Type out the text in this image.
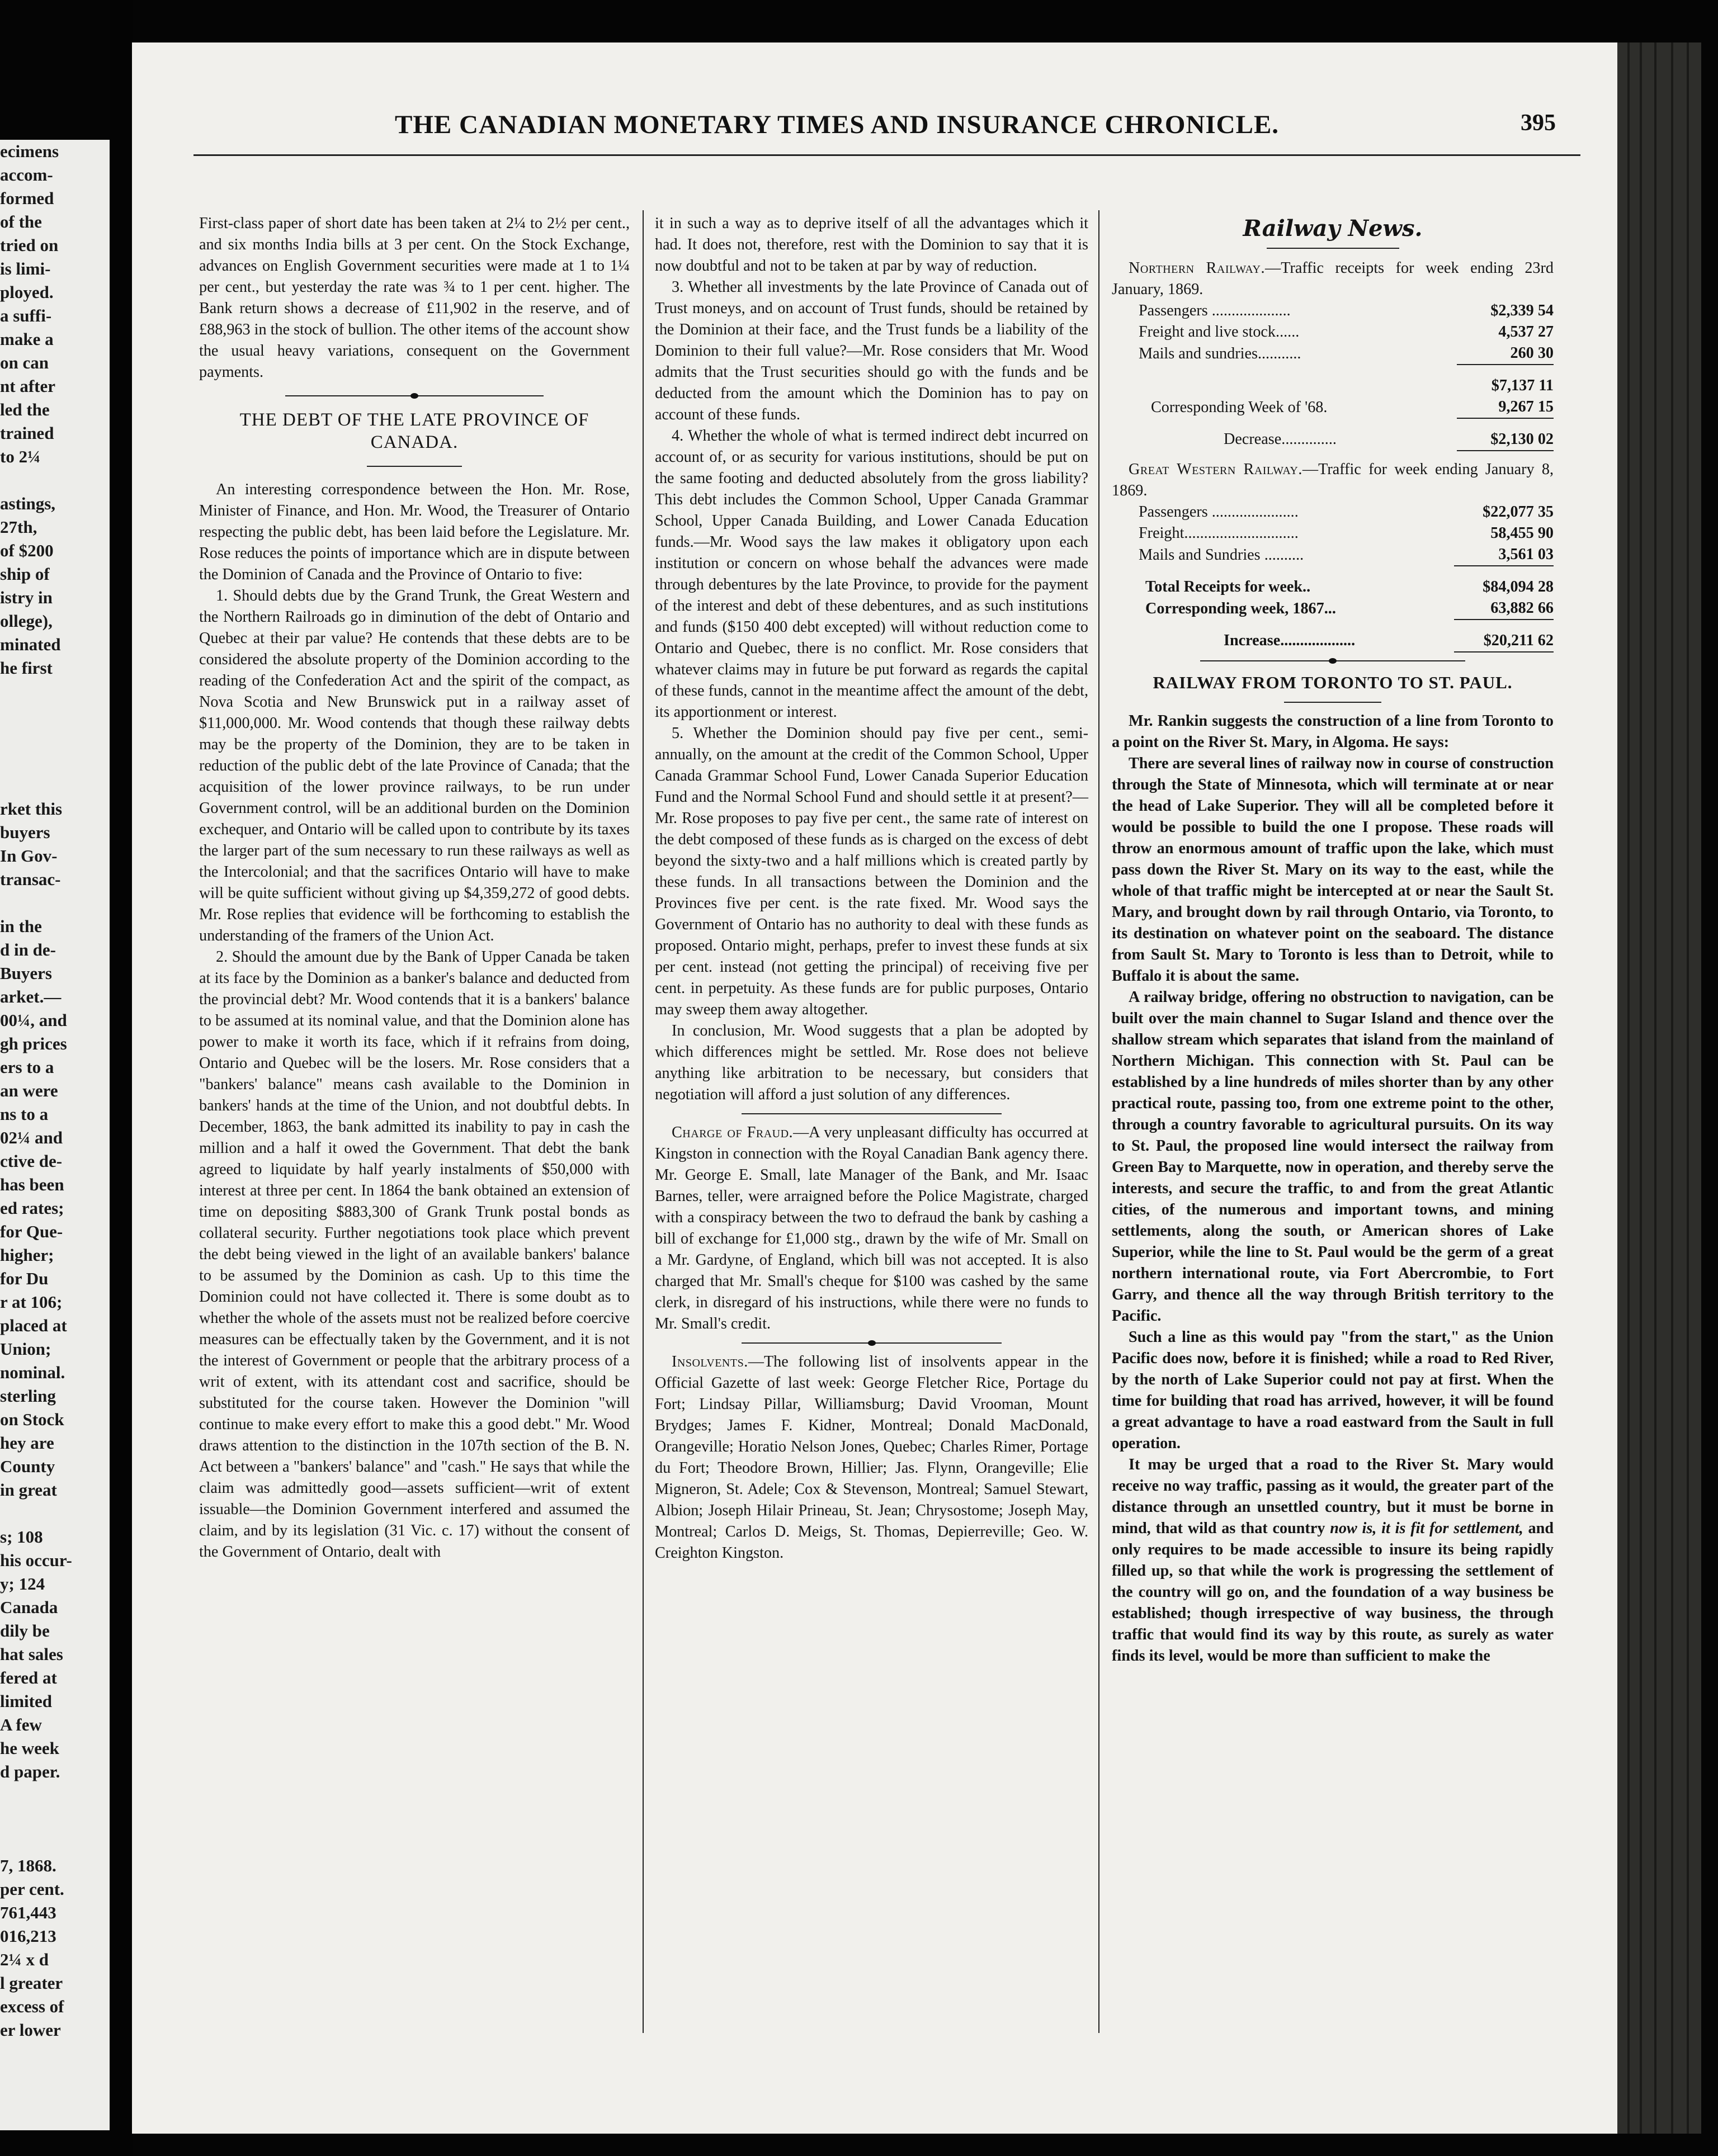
ecimens

accom-

formed

of the

tried on

is limi-

ployed.

a suffi-

make a

on can

nt after

led the

trained

to 2¼

astings,

27th,

of $200

ship of

istry in

ollege),

minated

he first

rket this

buyers

In Gov-

transac-

in the

d in de-

Buyers

arket.—

00¼, and

gh prices

ers to a

an were

ns to a

02¼ and

ctive de-

has been

ed rates;

for Que-

higher;

for Du

r at 106;

placed at

Union;

nominal.

sterling

on Stock

hey are

County

in great

s; 108

his occur-

y; 124

Canada

dily be

hat sales

fered at

limited

A few

he week

d paper.

7, 1868.

per cent.

761,443

016,213

2¼ x d

l greater

excess of

er lower

THE CANADIAN MONETARY TIMES AND INSURANCE CHRONICLE.	395

First-class paper of short date has been taken at 2¼ to 2½ per cent., and six months India bills at 3 per cent. On the Stock Exchange, advances on English Government securities were made at 1 to 1¼ per cent., but yesterday the rate was ¾ to 1 per cent. higher. The Bank return shows a decrease of £11,902 in the reserve, and of £88,963 in the stock of bullion. The other items of the account show the usual heavy variations, consequent on the Government payments.

THE DEBT OF THE LATE PROVINCE OF CANADA.

An interesting correspondence between the Hon. Mr. Rose, Minister of Finance, and Hon. Mr. Wood, the Treasurer of Ontario respecting the public debt, has been laid before the Legislature. Mr. Rose reduces the points of importance which are in dispute between the Dominion of Canada and the Province of Ontario to five:

1. Should debts due by the Grand Trunk, the Great Western and the Northern Railroads go in diminution of the debt of Ontario and Quebec at their par value? He contends that these debts are to be considered the absolute property of the Dominion according to the reading of the Confederation Act and the spirit of the compact, as Nova Scotia and New Brunswick put in a railway asset of $11,000,000. Mr. Wood contends that though these railway debts may be the property of the Dominion, they are to be taken in reduction of the public debt of the late Province of Canada; that the acquisition of the lower province railways, to be run under Government control, will be an additional burden on the Dominion exchequer, and Ontario will be called upon to contribute by its taxes the larger part of the sum necessary to run these railways as well as the Intercolonial; and that the sacrifices Ontario will have to make will be quite sufficient without giving up $4,359,272 of good debts. Mr. Rose replies that evidence will be forthcoming to establish the understanding of the framers of the Union Act.

2. Should the amount due by the Bank of Upper Canada be taken at its face by the Dominion as a banker's balance and deducted from the provincial debt? Mr. Wood contends that it is a bankers' balance to be assumed at its nominal value, and that the Dominion alone has power to make it worth its face, which if it refrains from doing, Ontario and Quebec will be the losers. Mr. Rose considers that a "bankers' balance" means cash available to the Dominion in bankers' hands at the time of the Union, and not doubtful debts. In December, 1863, the bank admitted its inability to pay in cash the million and a half it owed the Government. That debt the bank agreed to liquidate by half yearly instalments of $50,000 with interest at three per cent. In 1864 the bank obtained an extension of time on depositing $883,300 of Grank Trunk postal bonds as collateral security. Further negotiations took place which prevent the debt being viewed in the light of an available bankers' balance to be assumed by the Dominion as cash. Up to this time the Dominion could not have collected it. There is some doubt as to whether the whole of the assets must not be realized before coercive measures can be effectually taken by the Government, and it is not the interest of Government or people that the arbitrary process of a writ of extent, with its attendant cost and sacrifice, should be substituted for the course taken. However the Dominion "will continue to make every effort to make this a good debt." Mr. Wood draws attention to the distinction in the 107th section of the B. N. Act between a "bankers' balance" and "cash." He says that while the claim was admittedly good—assets sufficient—writ of extent issuable—the Dominion Government interfered and assumed the claim, and by its legislation (31 Vic. c. 17) without the consent of the Government of Ontario, dealt with

it in such a way as to deprive itself of all the advantages which it had. It does not, therefore, rest with the Dominion to say that it is now doubtful and not to be taken at par by way of reduction.

3. Whether all investments by the late Province of Canada out of Trust moneys, and on account of Trust funds, should be retained by the Dominion at their face, and the Trust funds be a liability of the Dominion to their full value?—Mr. Rose considers that Mr. Wood admits that the Trust securities should go with the funds and be deducted from the amount which the Dominion has to pay on account of these funds.

4. Whether the whole of what is termed indirect debt incurred on account of, or as security for various institutions, should be put on the same footing and deducted absolutely from the gross liability? This debt includes the Common School, Upper Canada Grammar School, Upper Canada Building, and Lower Canada Education funds.—Mr. Wood says the law makes it obligatory upon each institution or concern on whose behalf the advances were made through debentures by the late Province, to provide for the payment of the interest and debt of these debentures, and as such institutions and funds ($150 400 debt excepted) will without reduction come to Ontario and Quebec, there is no conflict. Mr. Rose considers that whatever claims may in future be put forward as regards the capital of these funds, cannot in the meantime affect the amount of the debt, its apportionment or interest.

5. Whether the Dominion should pay five per cent., semi-annually, on the amount at the credit of the Common School, Upper Canada Grammar School Fund, Lower Canada Superior Education Fund and the Normal School Fund and should settle it at present?—Mr. Rose proposes to pay five per cent., the same rate of interest on the debt composed of these funds as is charged on the excess of debt beyond the sixty-two and a half millions which is created partly by these funds. In all transactions between the Dominion and the Provinces five per cent. is the rate fixed. Mr. Wood says the Government of Ontario has no authority to deal with these funds as proposed. Ontario might, perhaps, prefer to invest these funds at six per cent. instead (not getting the principal) of receiving five per cent. in perpetuity. As these funds are for public purposes, Ontario may sweep them away altogether.

In conclusion, Mr. Wood suggests that a plan be adopted by which differences might be settled. Mr. Rose does not believe anything like arbitration to be necessary, but considers that negotiation will afford a just solution of any differences.

Charge of Fraud.—A very unpleasant difficulty has occurred at Kingston in connection with the Royal Canadian Bank agency there. Mr. George E. Small, late Manager of the Bank, and Mr. Isaac Barnes, teller, were arraigned before the Police Magistrate, charged with a conspiracy between the two to defraud the bank by cashing a bill of exchange for £1,000 stg., drawn by the wife of Mr. Small on a Mr. Gardyne, of England, which bill was not accepted. It is also charged that Mr. Small's cheque for $100 was cashed by the same clerk, in disregard of his instructions, while there were no funds to Mr. Small's credit.

Insolvents.—The following list of insolvents appear in the Official Gazette of last week: George Fletcher Rice, Portage du Fort; Lindsay Pillar, Williamsburg; David Vrooman, Mount Brydges; James F. Kidner, Montreal; Donald MacDonald, Orangeville; Horatio Nelson Jones, Quebec; Charles Rimer, Portage du Fort; Theodore Brown, Hillier; Jas. Flynn, Orangeville; Elie Migneron, St. Adele; Cox & Stevenson, Montreal; Samuel Stewart, Albion; Joseph Hilair Prineau, St. Jean; Chrysostome; Joseph May, Montreal; Carlos D. Meigs, St. Thomas, Depierreville; Geo. W. Creighton Kingston.

Railway News.

Northern Railway.—Traffic receipts for week ending 23rd January, 1869.

Passengers ....................	$2,339 54
Freight and live stock......	4,537 27
Mails and sundries...........	260 30
	$7,137 11
Corresponding Week of '68.	9,267 15
Decrease..............	$2,130 02

Great Western Railway.—Traffic for week ending January 8, 1869.

Passengers ......................	$22,077 35
Freight.............................	58,455 90
Mails and Sundries ..........	3,561 03
Total Receipts for week..	$84,094 28
Corresponding week, 1867...	63,882 66
Increase...................	$20,211 62
RAILWAY FROM TORONTO TO ST. PAUL.

Mr. Rankin suggests the construction of a line from Toronto to a point on the River St. Mary, in Algoma. He says:

There are several lines of railway now in course of construction through the State of Minnesota, which will terminate at or near the head of Lake Superior. They will all be completed before it would be possible to build the one I propose. These roads will throw an enormous amount of traffic upon the lake, which must pass down the River St. Mary on its way to the east, while the whole of that traffic might be intercepted at or near the Sault St. Mary, and brought down by rail through Ontario, via Toronto, to its destination on whatever point on the seaboard. The distance from Sault St. Mary to Toronto is less than to Detroit, while to Buffalo it is about the same.

A railway bridge, offering no obstruction to navigation, can be built over the main channel to Sugar Island and thence over the shallow stream which separates that island from the mainland of Northern Michigan. This connection with St. Paul can be established by a line hundreds of miles shorter than by any other practical route, passing too, from one extreme point to the other, through a country favorable to agricultural pursuits. On its way to St. Paul, the proposed line would intersect the railway from Green Bay to Marquette, now in operation, and thereby serve the interests, and secure the traffic, to and from the great Atlantic cities, of the numerous and important towns, and mining settlements, along the south, or American shores of Lake Superior, while the line to St. Paul would be the germ of a great northern international route, via Fort Abercrombie, to Fort Garry, and thence all the way through British territory to the Pacific.

Such a line as this would pay "from the start," as the Union Pacific does now, before it is finished; while a road to Red River, by the north of Lake Superior could not pay at first. When the time for building that road has arrived, however, it will be found a great advantage to have a road eastward from the Sault in full operation.

It may be urged that a road to the River St. Mary would receive no way traffic, passing as it would, the greater part of the distance through an unsettled country, but it must be borne in mind, that wild as that country now is, it is fit for settlement, and only requires to be made accessible to insure its being rapidly filled up, so that while the work is progressing the settlement of the country will go on, and the foundation of a way business be established; though irrespective of way business, the through traffic that would find its way by this route, as surely as water finds its level, would be more than sufficient to make the
